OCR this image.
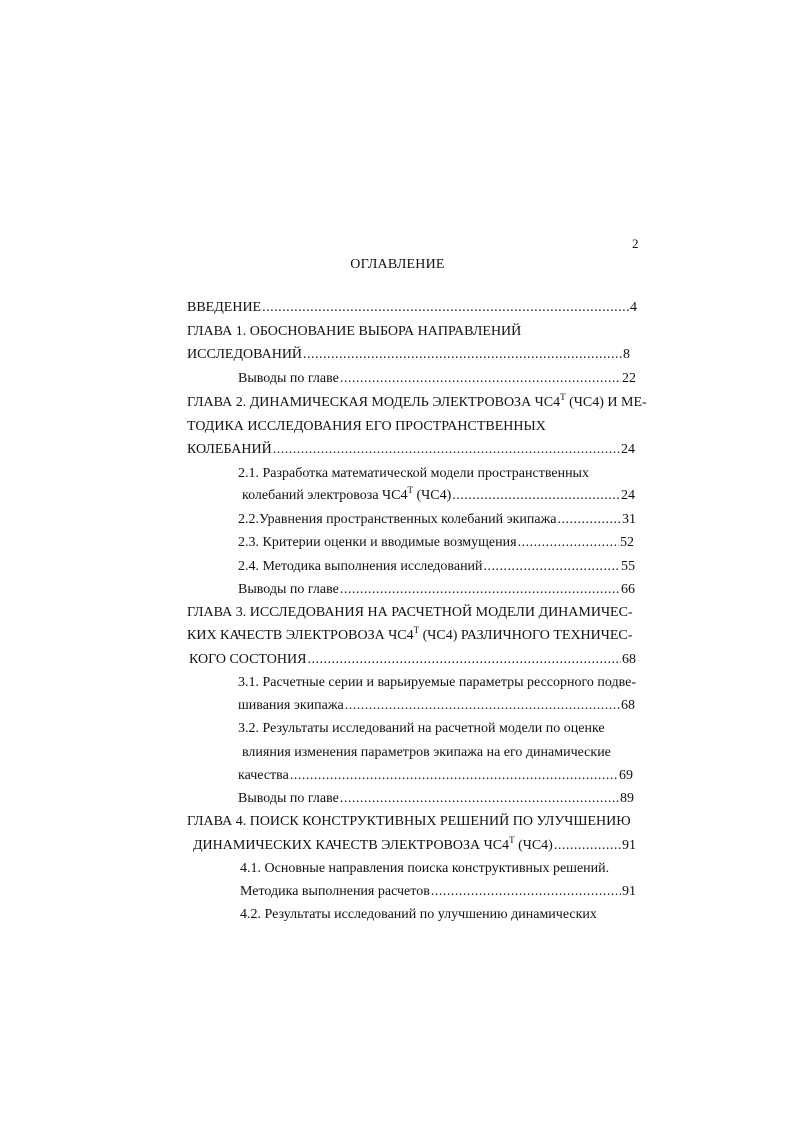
2
ОГЛАВЛЕНИЕ
ВВЕДЕНИЕ .....	4
ГЛАВА 1. ОБОСНОВАНИЕ ВЫБОРА НАПРАВЛЕНИЙ
ИССЛЕДОВАНИЙ .....	8
Выводы по главе .....	22
ГЛАВА 2. ДИНАМИЧЕСКАЯ МОДЕЛЬ ЭЛЕКТРОВОЗА $ЧС4^Т$ (ЧС4) И МЕ-
ТОДИКА ИССЛЕДОВАНИЯ ЕГО ПРОСТРАНСТВЕННЫХ
КОЛЕБАНИЙ .....	24
2.1. Разработка математической модели пространственных
колебаний электровоза $ЧС4^Т$ (ЧС4) .....	24
2.2.Уравнения пространственных колебаний экипажа .....	31
2.3. Критерии оценки и вводимые возмущения .....	52
2.4. Методика выполнения исследований .....	55
Выводы по главе .....	66
ГЛАВА 3. ИССЛЕДОВАНИЯ НА РАСЧЕТНОЙ МОДЕЛИ ДИНАМИЧЕС-
КИХ КАЧЕСТВ ЭЛЕКТРОВОЗА $ЧС4^Т$ (ЧС4) РАЗЛИЧНОГО ТЕХНИЧЕС-
КОГО СОСТОНИЯ .....	68
3.1. Расчетные серии и варьируемые параметры рессорного подве-
шивания экипажа .....	68
3.2. Результаты исследований на расчетной модели по оценке
влияния изменения параметров экипажа на его динамические
качества .....	69
Выводы по главе .....	89
ГЛАВА 4. ПОИСК КОНСТРУКТИВНЫХ РЕШЕНИЙ ПО УЛУЧШЕНИЮ
ДИНАМИЧЕСКИХ КАЧЕСТВ ЭЛЕКТРОВОЗА $ЧС4^Т$ (ЧС4) .....	91
4.1. Основные направления поиска конструктивных решений.
Методика выполнения расчетов .....	91
4.2. Результаты исследований по улучшению динамических
